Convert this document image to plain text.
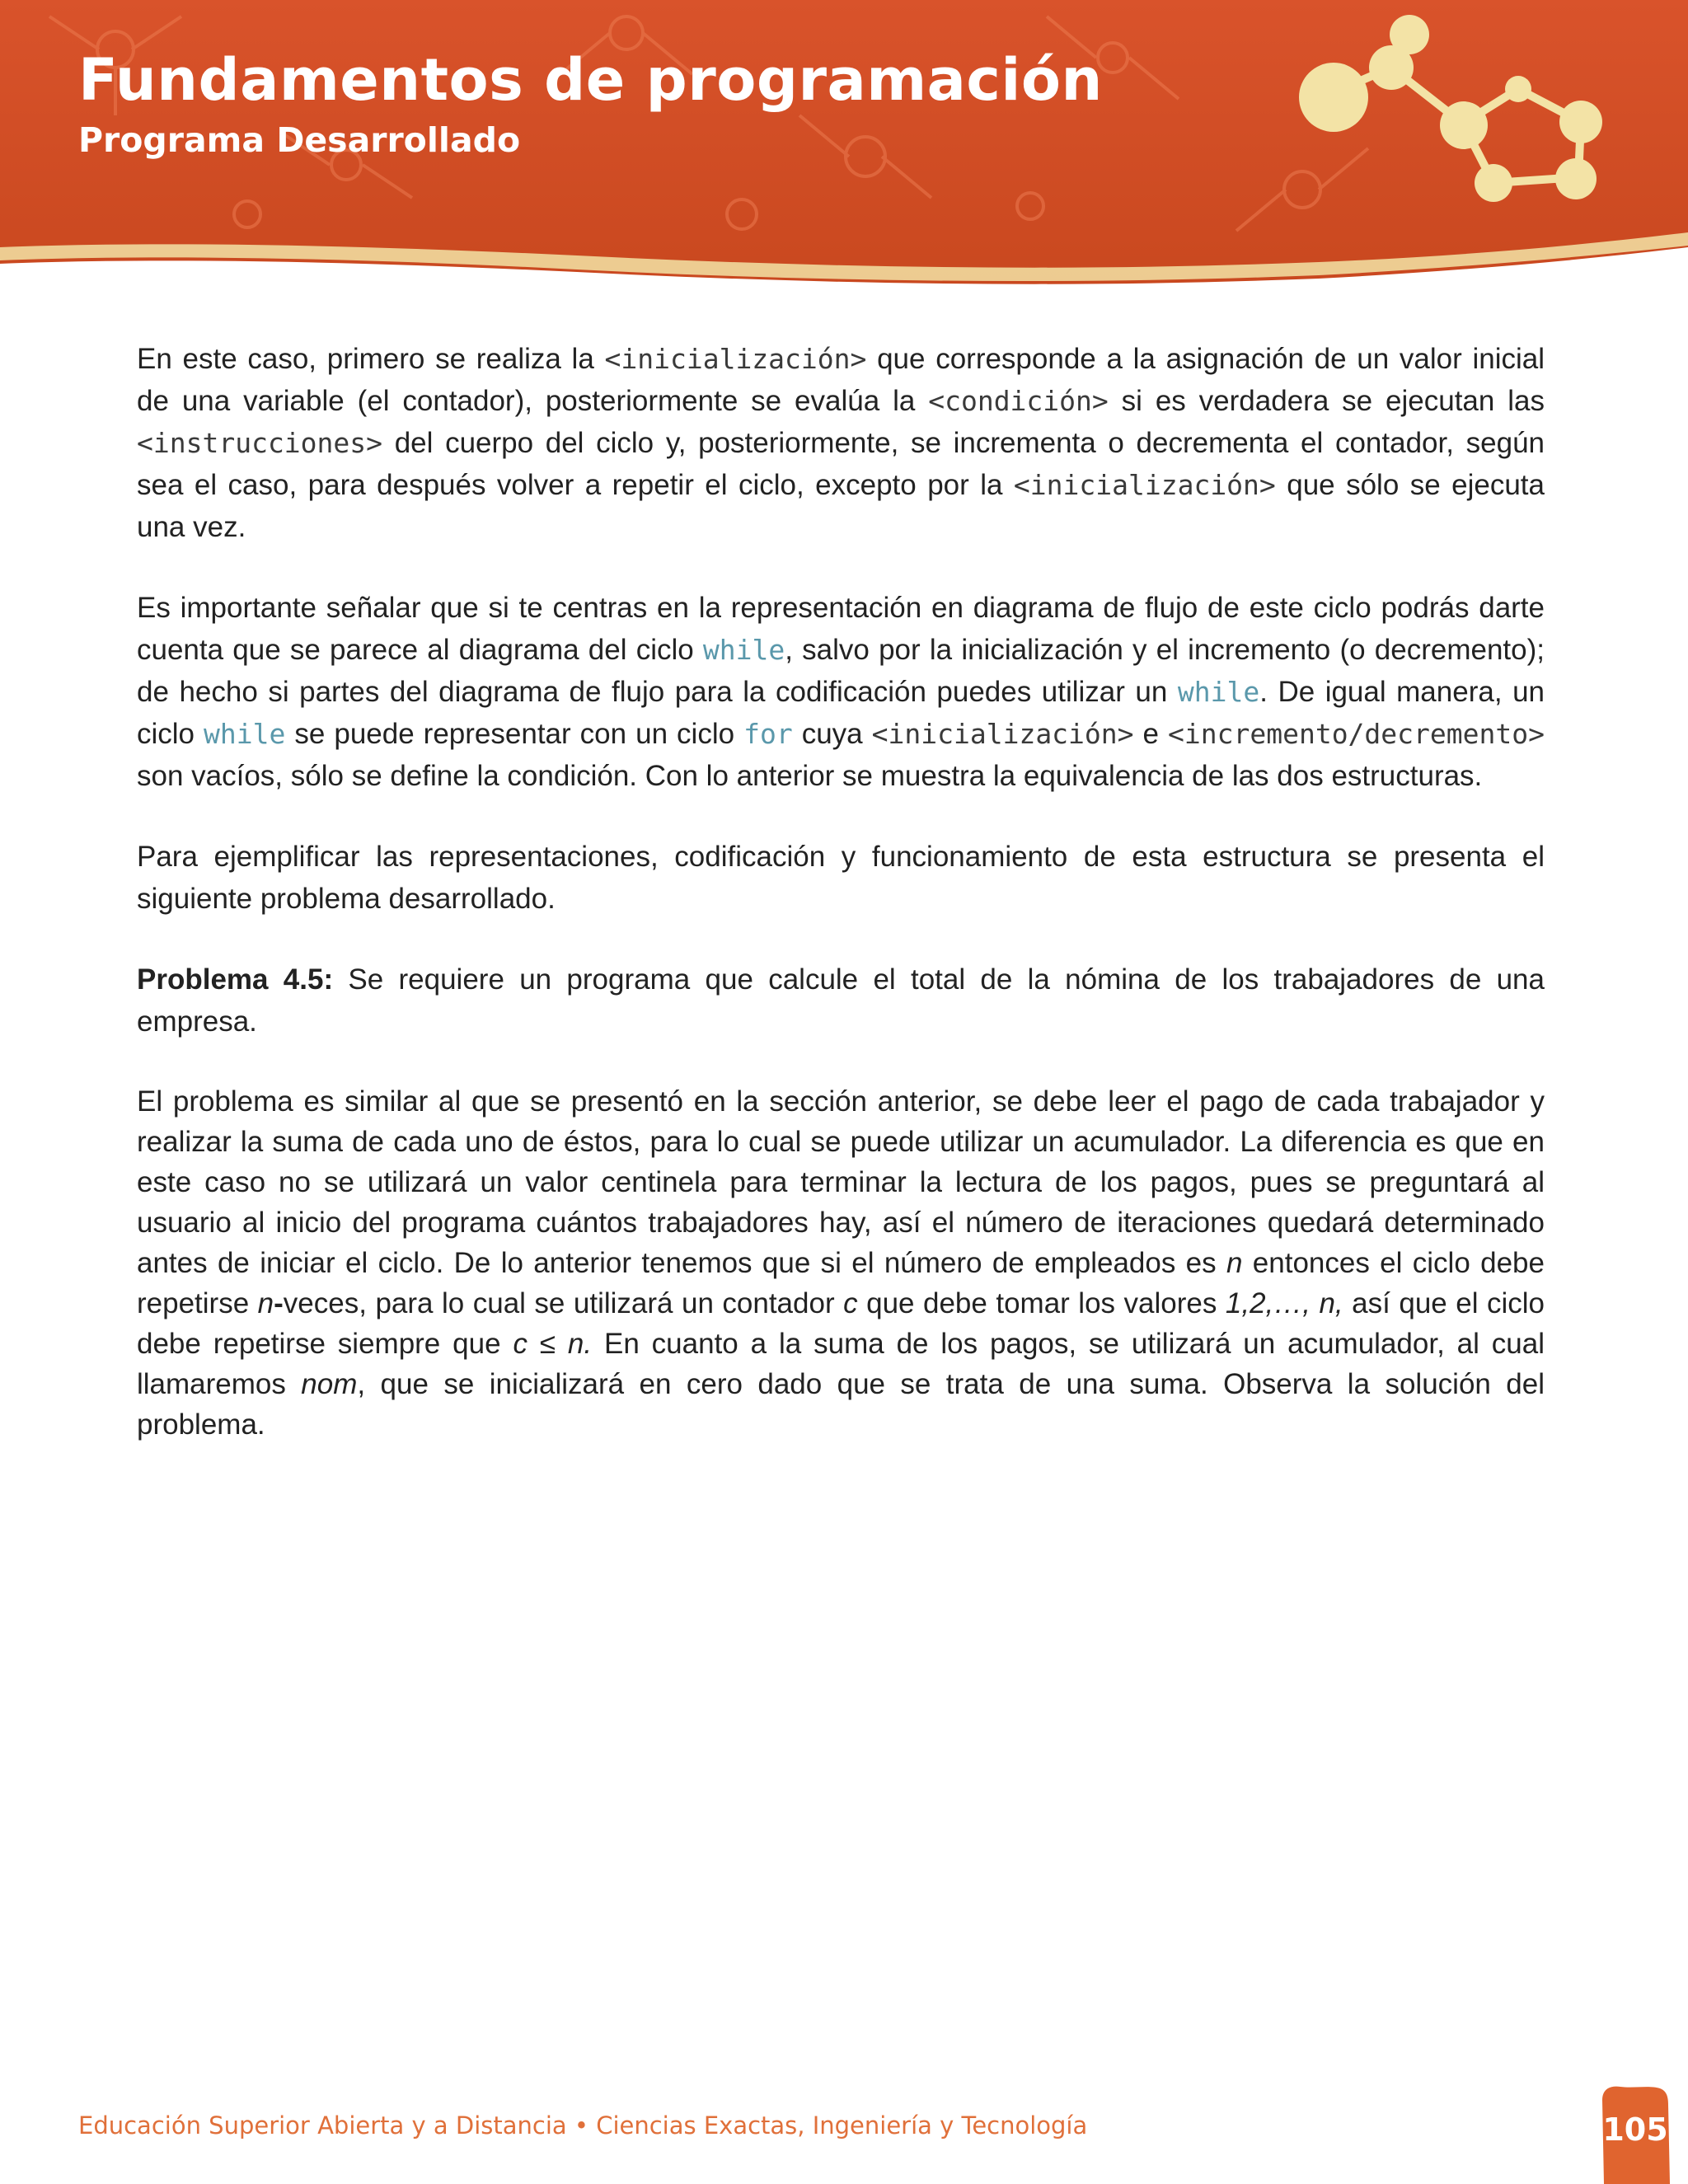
Fundamentos de programación
Programa Desarrollado

En este caso, primero se realiza la <inicialización> que corresponde a la asignación de un valor inicial de una variable (el contador), posteriormente se evalúa la <condición> si es verdadera se ejecutan las <instrucciones> del cuerpo del ciclo y, posteriormente, se incrementa o decrementa el contador, según sea el caso, para después volver a repetir el ciclo, excepto por la <inicialización> que sólo se ejecuta una vez.

Es importante señalar que si te centras en la representación en diagrama de flujo de este ciclo podrás darte cuenta que se parece al diagrama del ciclo while, salvo por la inicialización y el incremento (o decremento); de hecho si partes del diagrama de flujo para la codificación puedes utilizar un while. De igual manera, un ciclo while se puede representar con un ciclo for cuya <inicialización> e <incremento/decremento> son vacíos, sólo se define la condición. Con lo anterior se muestra la equivalencia de las dos estructuras.

Para ejemplificar las representaciones, codificación y funcionamiento de esta estructura se presenta el siguiente problema desarrollado.

Problema 4.5: Se requiere un programa que calcule el total de la nómina de los trabajadores de una empresa.

El problema es similar al que se presentó en la sección anterior, se debe leer el pago de cada trabajador y realizar la suma de cada uno de éstos, para lo cual se puede utilizar un acumulador. La diferencia es que en este caso no se utilizará un valor centinela para terminar la lectura de los pagos, pues se preguntará al usuario al inicio del programa cuántos trabajadores hay, así el número de iteraciones quedará determinado antes de iniciar el ciclo. De lo anterior tenemos que si el número de empleados es n entonces el ciclo debe repetirse n-veces, para lo cual se utilizará un contador c que debe tomar los valores 1,2,…, n, así que el ciclo debe repetirse siempre que c ≤ n. En cuanto a la suma de los pagos, se utilizará un acumulador, al cual llamaremos nom, que se inicializará en cero dado que se trata de una suma. Observa la solución del problema.

Educación Superior Abierta y a Distancia • Ciencias Exactas, Ingeniería y Tecnología	105
